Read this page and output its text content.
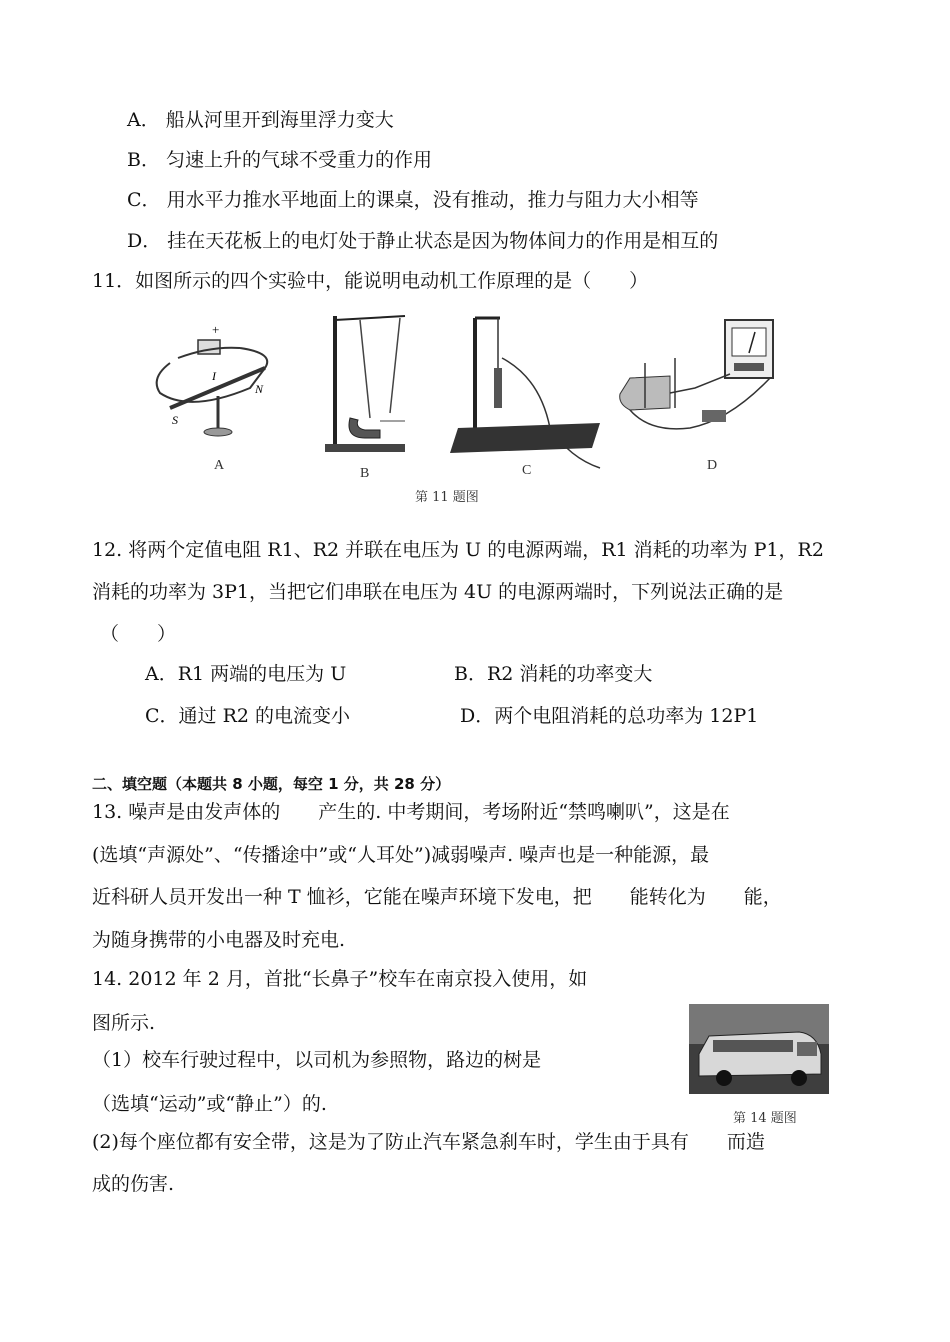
A． 船从河里开到海里浮力变大
B． 匀速上升的气球不受重力的作用
C． 用水平力推水平地面上的课桌，没有推动，推力与阻力大小相等
D． 挂在天花板上的电灯处于静止状态是因为物体间力的作用是相互的
11．如图所示的四个实验中，能说明电动机工作原理的是（　　）
+
I
N
S
A
B	C	D
第 11 题图
12. 将两个定值电阻 R1、R2 并联在电压为 U 的电源两端，R1 消耗的功率为 P1，R2
消耗的功率为 3P1，当把它们串联在电压为 4U 的电源两端时，下列说法正确的是
（　　）
A．R1 两端的电压为 U	B．R2 消耗的功率变大
C．通过 R2 的电流变小	D．两个电阻消耗的总功率为 12P1
二、填空题（本题共 8 小题，每空 1 分，共 28 分）
13. 噪声是由发声体的　　产生的. 中考期间，考场附近“禁鸣喇叭”，这是在
(选填“声源处”、“传播途中”或“人耳处”)减弱噪声. 噪声也是一种能源，最
近科研人员开发出一种 T 恤衫，它能在噪声环境下发电，把　　能转化为　　能，
为随身携带的小电器及时充电.
14. 2012 年 2 月，首批“长鼻子”校车在南京投入使用，如
图所示.
（1）校车行驶过程中，以司机为参照物，路边的树是
（选填“运动”或“静止”）的.
(2)每个座位都有安全带，这是为了防止汽车紧急刹车时，学生由于具有　　而造
成的伤害.
第 14 题图
